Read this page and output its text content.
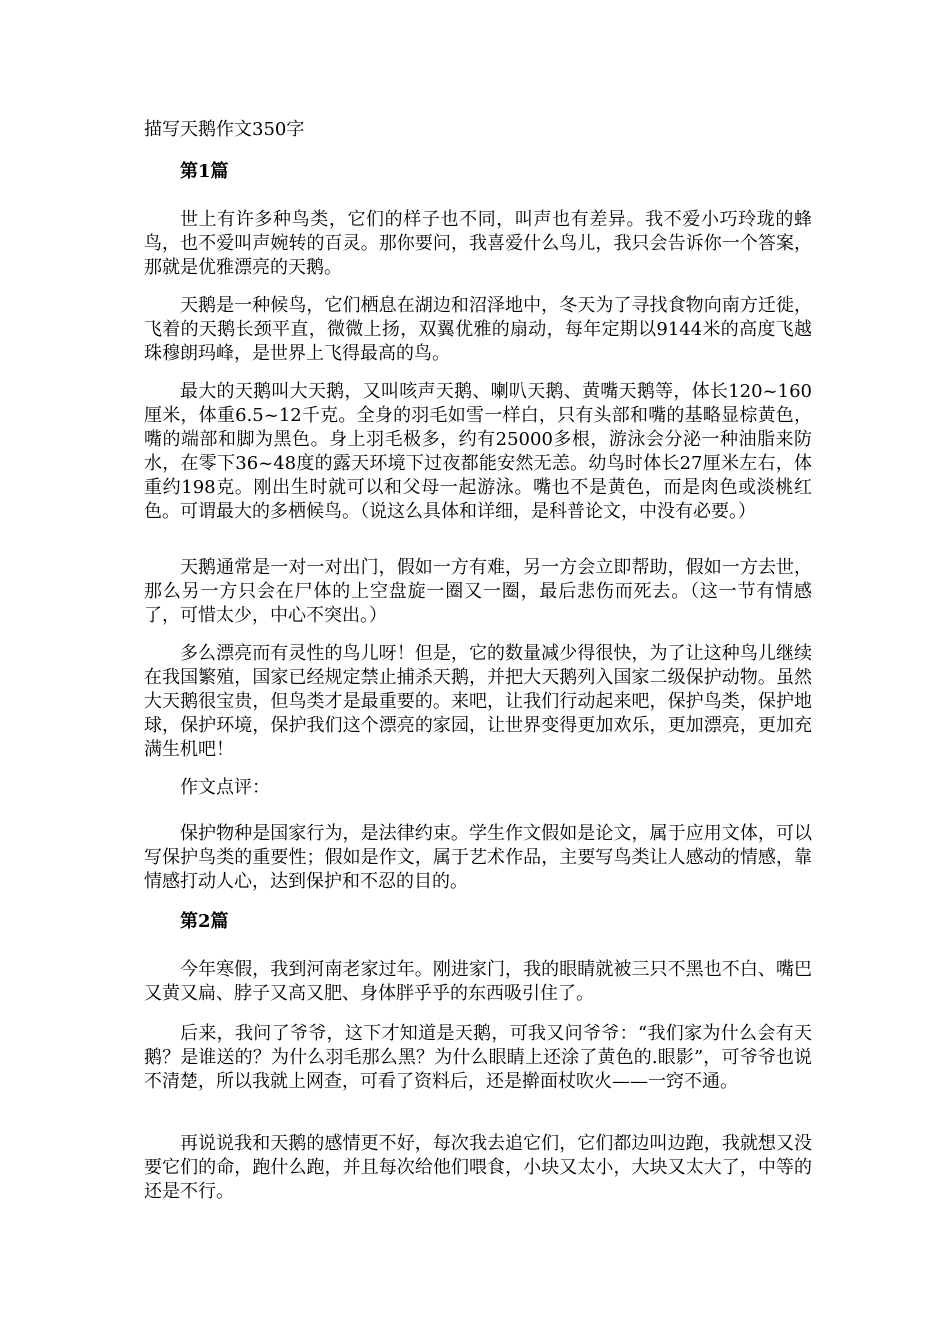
描写天鹅作文350字
第1篇

世上有许多种鸟类，它们的样子也不同，叫声也有差异。我不爱小巧玲珑的蜂鸟，也不爱叫声婉转的百灵。那你要问，我喜爱什么鸟儿，我只会告诉你一个答案，那就是优雅漂亮的天鹅。

天鹅是一种候鸟，它们栖息在湖边和沼泽地中，冬天为了寻找食物向南方迁徙，飞着的天鹅长颈平直，微微上扬，双翼优雅的扇动，每年定期以9144米的高度飞越珠穆朗玛峰，是世界上飞得最高的鸟。

最大的天鹅叫大天鹅，又叫咳声天鹅、喇叭天鹅、黄嘴天鹅等，体长120~160厘米，体重6.5~12千克。全身的羽毛如雪一样白，只有头部和嘴的基略显棕黄色，嘴的端部和脚为黑色。身上羽毛极多，约有25000多根，游泳会分泌一种油脂来防水，在零下36~48度的露天环境下过夜都能安然无恙。幼鸟时体长27厘米左右，体重约198克。刚出生时就可以和父母一起游泳。嘴也不是黄色，而是肉色或淡桃红色。可谓最大的多栖候鸟。（说这么具体和详细，是科普论文，中没有必要。）

天鹅通常是一对一对出门，假如一方有难，另一方会立即帮助，假如一方去世，那么另一方只会在尸体的上空盘旋一圈又一圈，最后悲伤而死去。（这一节有情感了，可惜太少，中心不突出。）

多么漂亮而有灵性的鸟儿呀！但是，它的数量减少得很快，为了让这种鸟儿继续在我国繁殖，国家已经规定禁止捕杀天鹅，并把大天鹅列入国家二级保护动物。虽然大天鹅很宝贵，但鸟类才是最重要的。来吧，让我们行动起来吧，保护鸟类，保护地球，保护环境，保护我们这个漂亮的家园，让世界变得更加欢乐，更加漂亮，更加充满生机吧！

作文点评：

保护物种是国家行为，是法律约束。学生作文假如是论文，属于应用文体，可以写保护鸟类的重要性；假如是作文，属于艺术作品，主要写鸟类让人感动的情感，靠情感打动人心，达到保护和不忍的目的。

第2篇

今年寒假，我到河南老家过年。刚进家门，我的眼睛就被三只不黑也不白、嘴巴又黄又扁、脖子又高又肥、身体胖乎乎的东西吸引住了。

后来，我问了爷爷，这下才知道是天鹅，可我又问爷爷：“我们家为什么会有天鹅？是谁送的？为什么羽毛那么黑？为什么眼睛上还涂了黄色的.眼影”，可爷爷也说不清楚，所以我就上网查，可看了资料后，还是擀面杖吹火——一窍不通。

再说说我和天鹅的感情更不好，每次我去追它们，它们都边叫边跑，我就想又没要它们的命，跑什么跑，并且每次给他们喂食，小块又太小，大块又太大了，中等的还是不行。
